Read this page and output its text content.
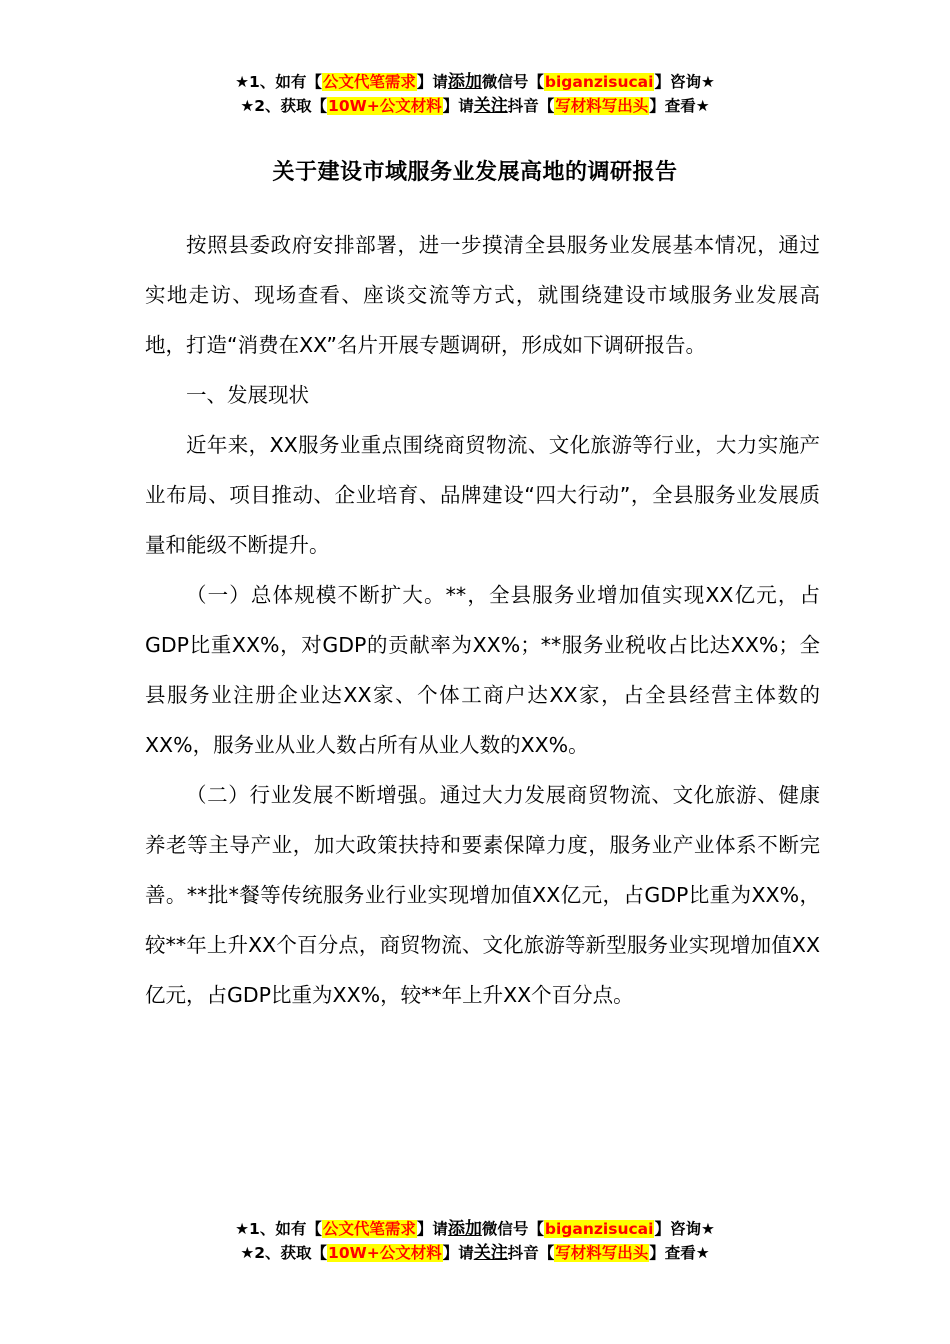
★1、如有【公文代笔需求】请添加微信号【biganzisucai】咨询★
★2、获取【10W+公文材料】请关注抖音【写材料写出头】查看★
关于建设市域服务业发展高地的调研报告

按照县委政府安排部署，进一步摸清全县服务业发展基本情况，通过实地走访、现场查看、座谈交流等方式，就围绕建设市域服务业发展高地，打造“消费在XX”名片开展专题调研，形成如下调研报告。

一、发展现状

近年来，XX服务业重点围绕商贸物流、文化旅游等行业，大力实施产业布局、项目推动、企业培育、品牌建设“四大行动”，全县服务业发展质量和能级不断提升。

（一）总体规模不断扩大。**，全县服务业增加值实现XX亿元，占GDP比重XX%，对GDP的贡献率为XX%；**服务业税收占比达XX%；全县服务业注册企业达XX家、个体工商户达XX家，占全县经营主体数的XX%，服务业从业人数占所有从业人数的XX%。

（二）行业发展不断增强。通过大力发展商贸物流、文化旅游、健康养老等主导产业，加大政策扶持和要素保障力度，服务业产业体系不断完善。**批*餐等传统服务业行业实现增加值XX亿元，占GDP比重为XX%，较**年上升XX个百分点，商贸物流、文化旅游等新型服务业实现增加值XX亿元，占GDP比重为XX%，较**年上升XX个百分点。

★1、如有【公文代笔需求】请添加微信号【biganzisucai】咨询★
★2、获取【10W+公文材料】请关注抖音【写材料写出头】查看★
